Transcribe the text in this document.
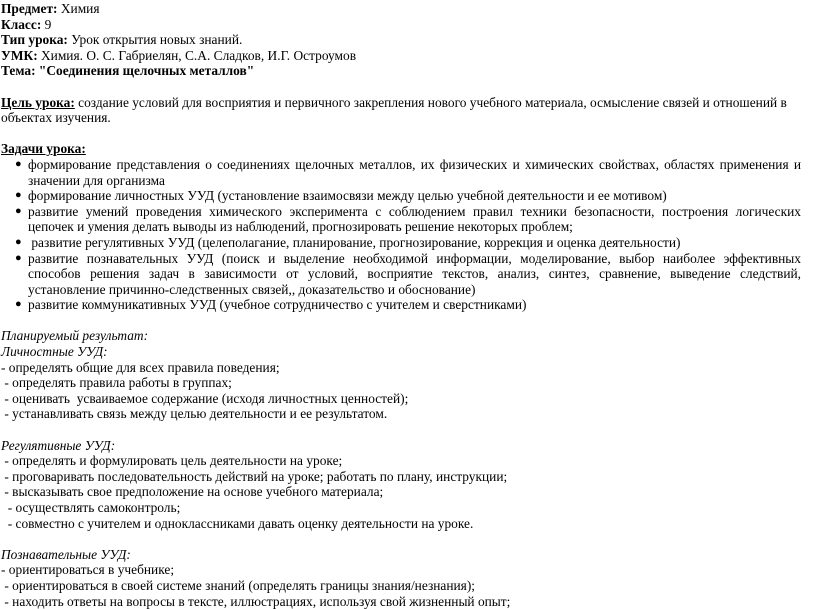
Предмет: Химия

Класс: 9

Тип урока: Урок открытия новых знаний.

УМК: Химия. О. С. Габриелян, С.А. Сладков, И.Г. Остроумов

Тема: "Соединения щелочных металлов"

Цель урока: создание условий для восприятия и первичного закрепления нового учебного материала, осмысление связей и отношений в объектах изучения.

Задачи урока:

● формирование представления о соединениях щелочных металлов, их физических и химических свойствах, областях применения и значении для организма
● формирование личностных УУД (установление взаимосвязи между целью учебной деятельности и ее мотивом)
● развитие умений проведения химического эксперимента с соблюдением правил техники безопасности, построения логических цепочек и умения делать выводы из наблюдений, прогнозировать решение некоторых проблем;
● развитие регулятивных УУД (целеполагание, планирование, прогнозирование, коррекция и оценка деятельности)
● развитие познавательных УУД (поиск и выделение необходимой информации, моделирование, выбор наиболее эффективных способов решения задач в зависимости от условий, восприятие текстов, анализ, синтез, сравнение, выведение следствий, установление причинно-следственных связей,, доказательство и обоснование)
● развитие коммуникативных УУД (учебное сотрудничество с учителем и сверстниками)

Планируемый результат:

Личностные УУД:

- определять общие для всех правила поведения;

- определять правила работы в группах;

- оценивать  усваиваемое содержание (исходя личностных ценностей);

- устанавливать связь между целью деятельности и ее результатом.

Регулятивные УУД:

- определять и формулировать цель деятельности на уроке;

- проговаривать последовательность действий на уроке; работать по плану, инструкции;

- высказывать свое предположение на основе учебного материала;

- осуществлять самоконтроль;

- совместно с учителем и одноклассниками давать оценку деятельности на уроке.

Познавательные УУД:

- ориентироваться в учебнике;

- ориентироваться в своей системе знаний (определять границы знания/незнания);

- находить ответы на вопросы в тексте, иллюстрациях, используя свой жизненный опыт;
